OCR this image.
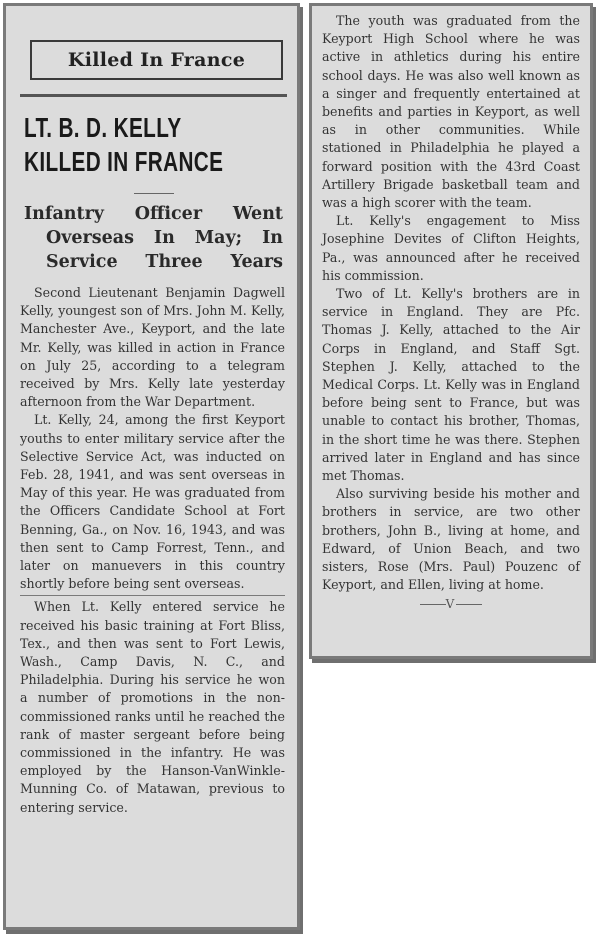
Killed In France
LT. B. D. KELLY
KILLED IN FRANCE
Infantry Officer Went
Overseas In May; In
Service Three Years

Second Lieutenant Benjamin Dagwell Kelly, youngest son of Mrs. John M. Kelly, Manchester Ave., Keyport, and the late Mr. Kelly, was killed in action in France on July 25, according to a telegram received by Mrs. Kelly late yesterday afternoon from the War Department.

Lt. Kelly, 24, among the first Keyport youths to enter military service after the Selective Service Act, was inducted on Feb. 28, 1941, and was sent overseas in May of this year. He was graduated from the Officers Candidate School at Fort Benning, Ga., on Nov. 16, 1943, and was then sent to Camp Forrest, Tenn., and later on manuevers in this country shortly before being sent overseas.

When Lt. Kelly entered service he received his basic training at Fort Bliss, Tex., and then was sent to Fort Lewis, Wash., Camp Davis, N. C., and Philadelphia. During his service he won a number of promotions in the non-commissioned ranks until he reached the rank of master sergeant before being commissioned in the infantry. He was employed by the Hanson-VanWinkle-Munning Co. of Matawan, previous to entering service.

The youth was graduated from the Keyport High School where he was active in athletics during his entire school days. He was also well known as a singer and frequently entertained at benefits and parties in Keyport, as well as in other communities. While stationed in Philadelphia he played a forward position with the 43rd Coast Artillery Brigade basketball team and was a high scorer with the team.

Lt. Kelly's engagement to Miss Josephine Devites of Clifton Heights, Pa., was announced after he received his commission.

Two of Lt. Kelly's brothers are in service in England. They are Pfc. Thomas J. Kelly, attached to the Air Corps in England, and Staff Sgt. Stephen J. Kelly, attached to the Medical Corps. Lt. Kelly was in England before being sent to France, but was unable to contact his brother, Thomas, in the short time he was there. Stephen arrived later in England and has since met Thomas.

Also surviving beside his mother and brothers in service, are two other brothers, John B., living at home, and Edward, of Union Beach, and two sisters, Rose (Mrs. Paul) Pouzenc of Keyport, and Ellen, living at home.

V
